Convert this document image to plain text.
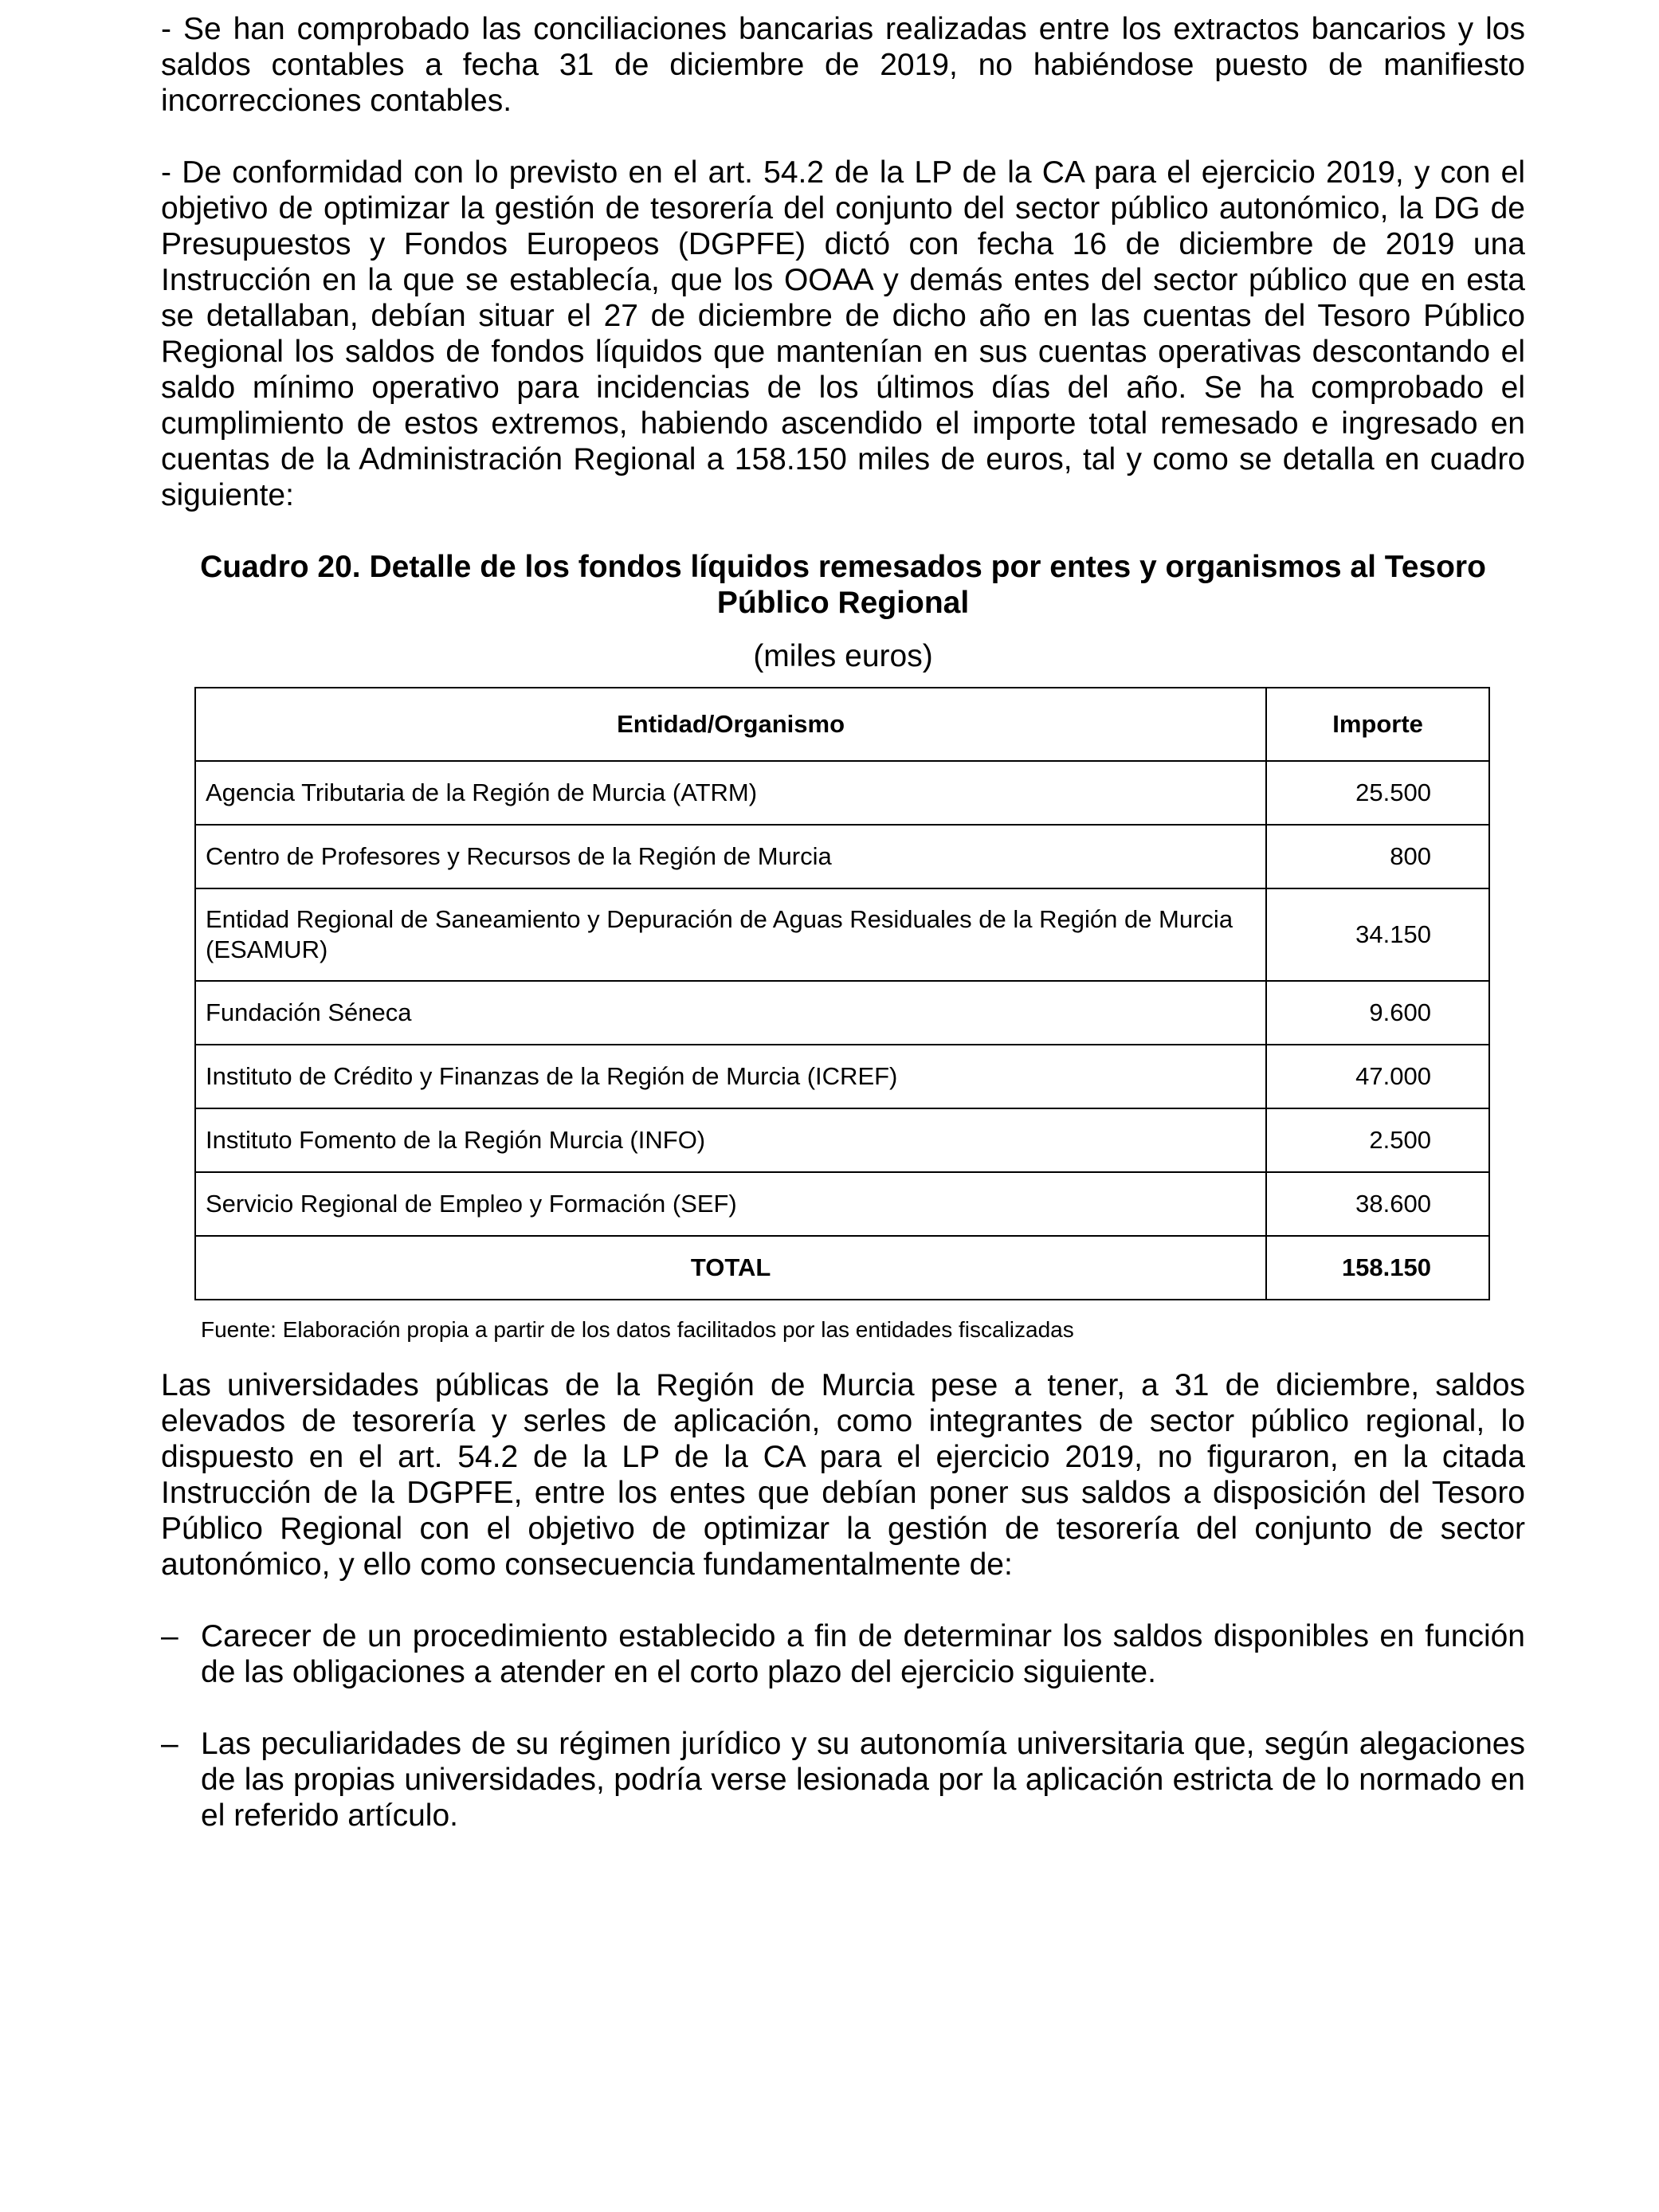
- Se han comprobado las conciliaciones bancarias realizadas entre los extractos bancarios y los saldos contables a fecha 31 de diciembre de 2019, no habiéndose puesto de manifiesto incorrecciones contables.

- De conformidad con lo previsto en el art. 54.2 de la LP de la CA para el ejercicio 2019, y con el objetivo de optimizar la gestión de tesorería del conjunto del sector público autonómico, la DG de Presupuestos y Fondos Europeos (DGPFE) dictó con fecha 16 de diciembre de 2019 una Instrucción en la que se establecía, que los OOAA y demás entes del sector público que en esta se detallaban, debían situar el 27 de diciembre de dicho año en las cuentas del Tesoro Público Regional los saldos de fondos líquidos que mantenían en sus cuentas operativas descontando el saldo mínimo operativo para incidencias de los últimos días del año. Se ha comprobado el cumplimiento de estos extremos, habiendo ascendido el importe total remesado e ingresado en cuentas de la Administración Regional a 158.150 miles de euros, tal y como se detalla en cuadro siguiente:

Cuadro 20. Detalle de los fondos líquidos remesados por entes y organismos al Tesoro
Público Regional
(miles euros)
Entidad/Organismo	Importe
Agencia Tributaria de la Región de Murcia (ATRM)	25.500
Centro de Profesores y Recursos de la Región de Murcia	800
Entidad Regional de Saneamiento y Depuración de Aguas Residuales de la Región de Murcia (ESAMUR)	34.150
Fundación Séneca	9.600
Instituto de Crédito y Finanzas de la Región de Murcia (ICREF)	47.000
Instituto Fomento de la Región Murcia (INFO)	2.500
Servicio Regional de Empleo y Formación (SEF)	38.600
TOTAL	158.150
Fuente: Elaboración propia a partir de los datos facilitados por las entidades fiscalizadas

Las universidades públicas de la Región de Murcia pese a tener, a 31 de diciembre, saldos elevados de tesorería y serles de aplicación, como integrantes de sector público regional, lo dispuesto en el art. 54.2 de la LP de la CA para el ejercicio 2019, no figuraron, en la citada Instrucción de la DGPFE, entre los entes que debían poner sus saldos a disposición del Tesoro Público Regional con el objetivo de optimizar la gestión de tesorería del conjunto de sector autonómico, y ello como consecuencia fundamentalmente de:

– Carecer de un procedimiento establecido a fin de determinar los saldos disponibles en función de las obligaciones a atender en el corto plazo del ejercicio siguiente.
– Las peculiaridades de su régimen jurídico y su autonomía universitaria que, según alegaciones de las propias universidades, podría verse lesionada por la aplicación estricta de lo normado en el referido artículo.
